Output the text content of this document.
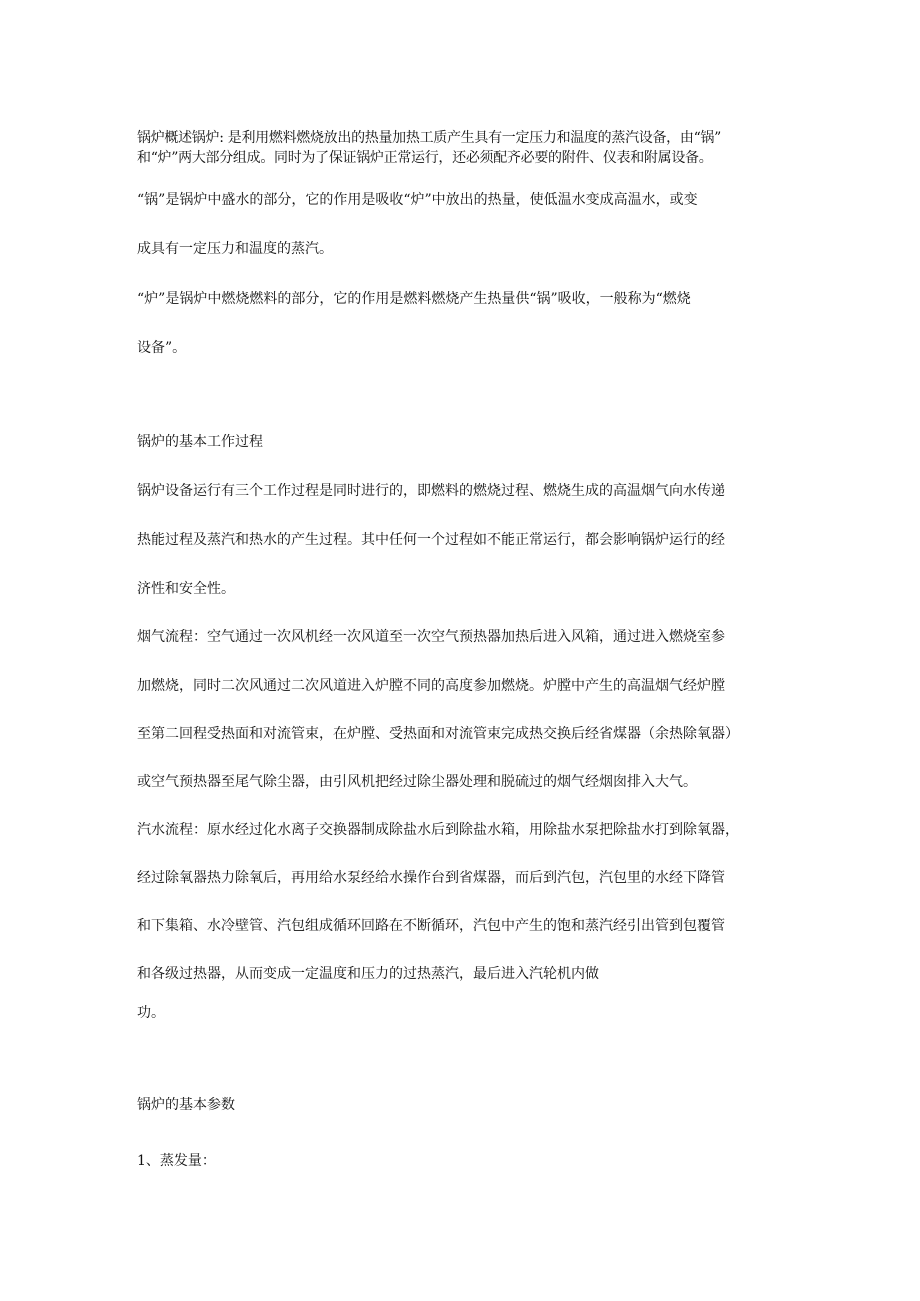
锅炉概述锅炉: 是利用燃料燃烧放出的热量加热工质产生具有一定压力和温度的蒸汽设备，由“锅”

和“炉”两大部分组成。同时为了保证锅炉正常运行，还必须配齐必要的附件、仪表和附属设备。

“锅”是锅炉中盛水的部分，它的作用是吸收“炉”中放出的热量，使低温水变成高温水，或变

成具有一定压力和温度的蒸汽。

“炉”是锅炉中燃烧燃料的部分，它的作用是燃料燃烧产生热量供“锅”吸收，一般称为“燃烧

设备”。

锅炉的基本工作过程

锅炉设备运行有三个工作过程是同时进行的，即燃料的燃烧过程、燃烧生成的高温烟气向水传递

热能过程及蒸汽和热水的产生过程。其中任何一个过程如不能正常运行，都会影响锅炉运行的经

济性和安全性。

烟气流程：空气通过一次风机经一次风道至一次空气预热器加热后进入风箱，通过进入燃烧室参

加燃烧，同时二次风通过二次风道进入炉膛不同的高度参加燃烧。炉膛中产生的高温烟气经炉膛

至第二回程受热面和对流管束，在炉膛、受热面和对流管束完成热交换后经省煤器（余热除氧器）

或空气预热器至尾气除尘器，由引风机把经过除尘器处理和脱硫过的烟气经烟囱排入大气。

汽水流程：原水经过化水离子交换器制成除盐水后到除盐水箱，用除盐水泵把除盐水打到除氧器，

经过除氧器热力除氧后，再用给水泵经给水操作台到省煤器，而后到汽包，汽包里的水经下降管

和下集箱、水冷壁管、汽包组成循环回路在不断循环，汽包中产生的饱和蒸汽经引出管到包覆管

和各级过热器，从而变成一定温度和压力的过热蒸汽，最后进入汽轮机内做

功。

锅炉的基本参数

1、蒸发量：
